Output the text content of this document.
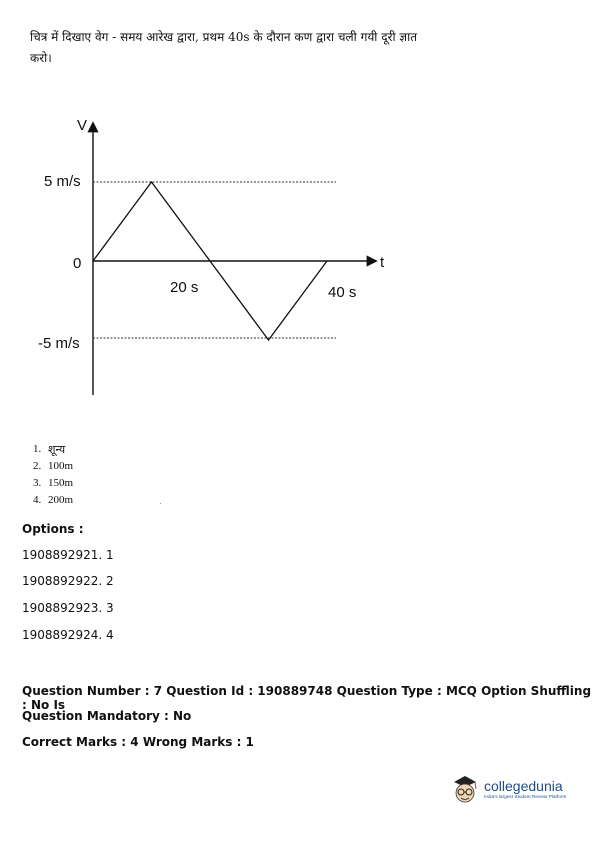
चित्र में दिखाए वेग - समय आरेख द्वारा, प्रथम 40s के दौरान कण द्वारा चली गयी दूरी ज्ञात
करो।
V
t
5 m/s
0
-5 m/s
20 s	40 s
1. शून्य
2. 100m
3. 150m
4. 200m
Options :
1908892921. 1
1908892922. 2
1908892923. 3
1908892924. 4
Question Number : 7 Question Id : 190889748 Question Type : MCQ Option Shuffling : No Is
Question Mandatory : No
Correct Marks : 4 Wrong Marks : 1
collegedunia
India's largest Student Review Platform
